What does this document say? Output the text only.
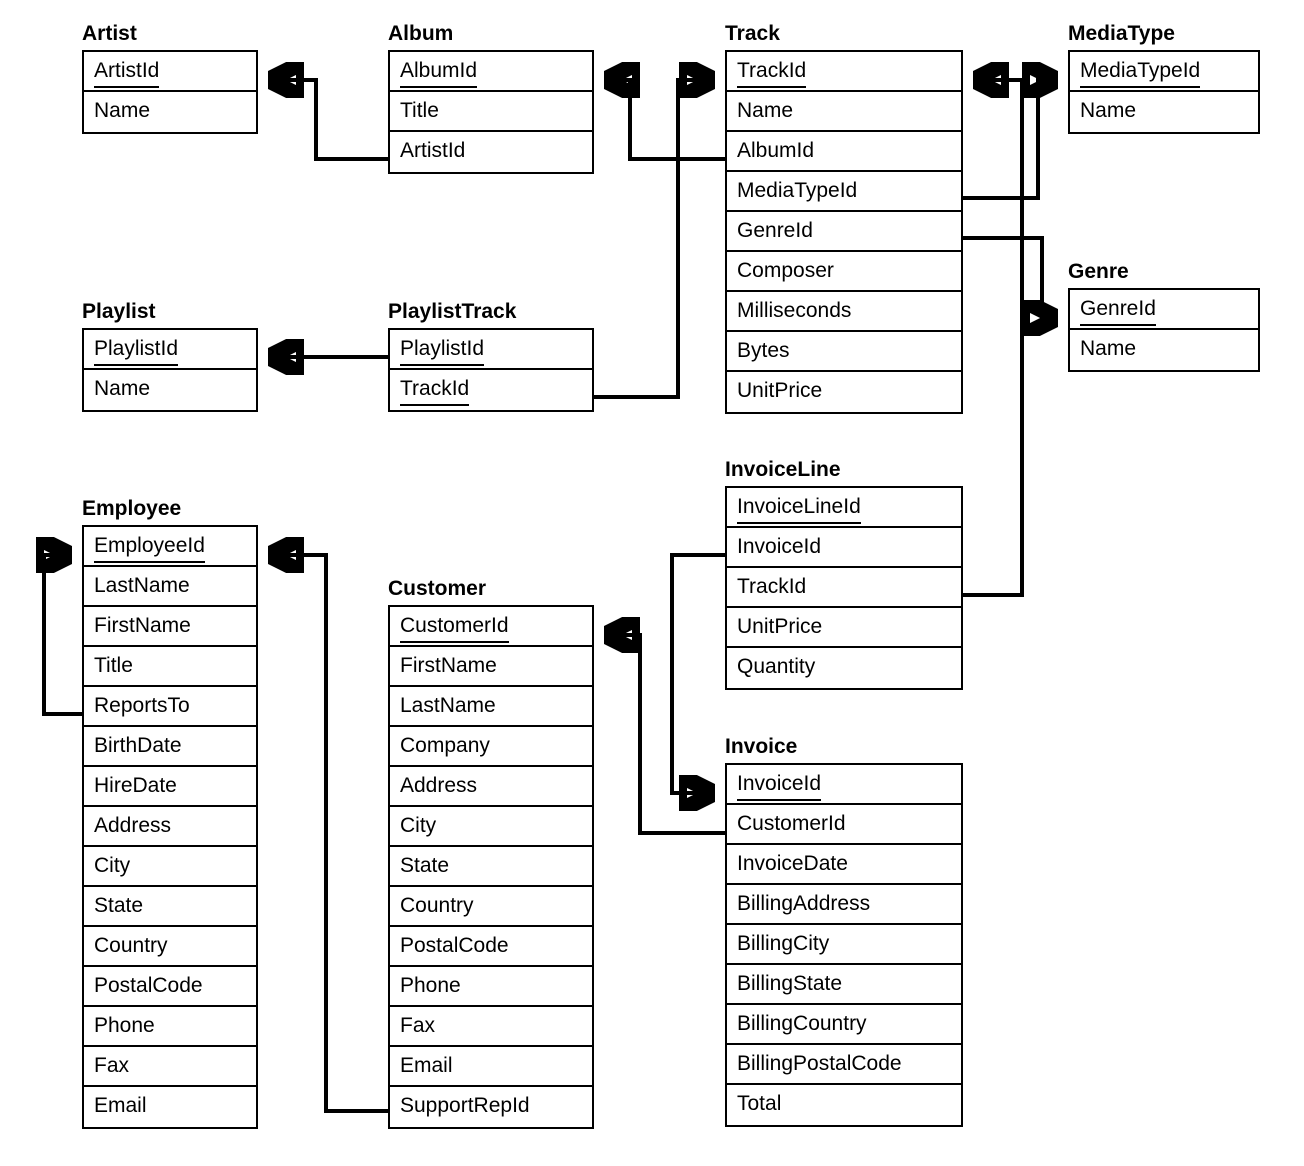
Artist
ArtistId
Name
Album
AlbumId
Title
ArtistId
Track
TrackId
Name
AlbumId
MediaTypeId
GenreId
Composer
Milliseconds
Bytes
UnitPrice
MediaType
MediaTypeId
Name
Playlist
PlaylistId
Name
PlaylistTrack
PlaylistId
TrackId
Genre
GenreId
Name
InvoiceLine
InvoiceLineId
InvoiceId
TrackId
UnitPrice
Quantity
Employee
EmployeeId
LastName
FirstName
Title
ReportsTo
BirthDate
HireDate
Address
City
State
Country
PostalCode
Phone
Fax
Email
Customer
CustomerId
FirstName
LastName
Company
Address
City
State
Country
PostalCode
Phone
Fax
Email
SupportRepId
Invoice
InvoiceId
CustomerId
InvoiceDate
BillingAddress
BillingCity
BillingState
BillingCountry
BillingPostalCode
Total
